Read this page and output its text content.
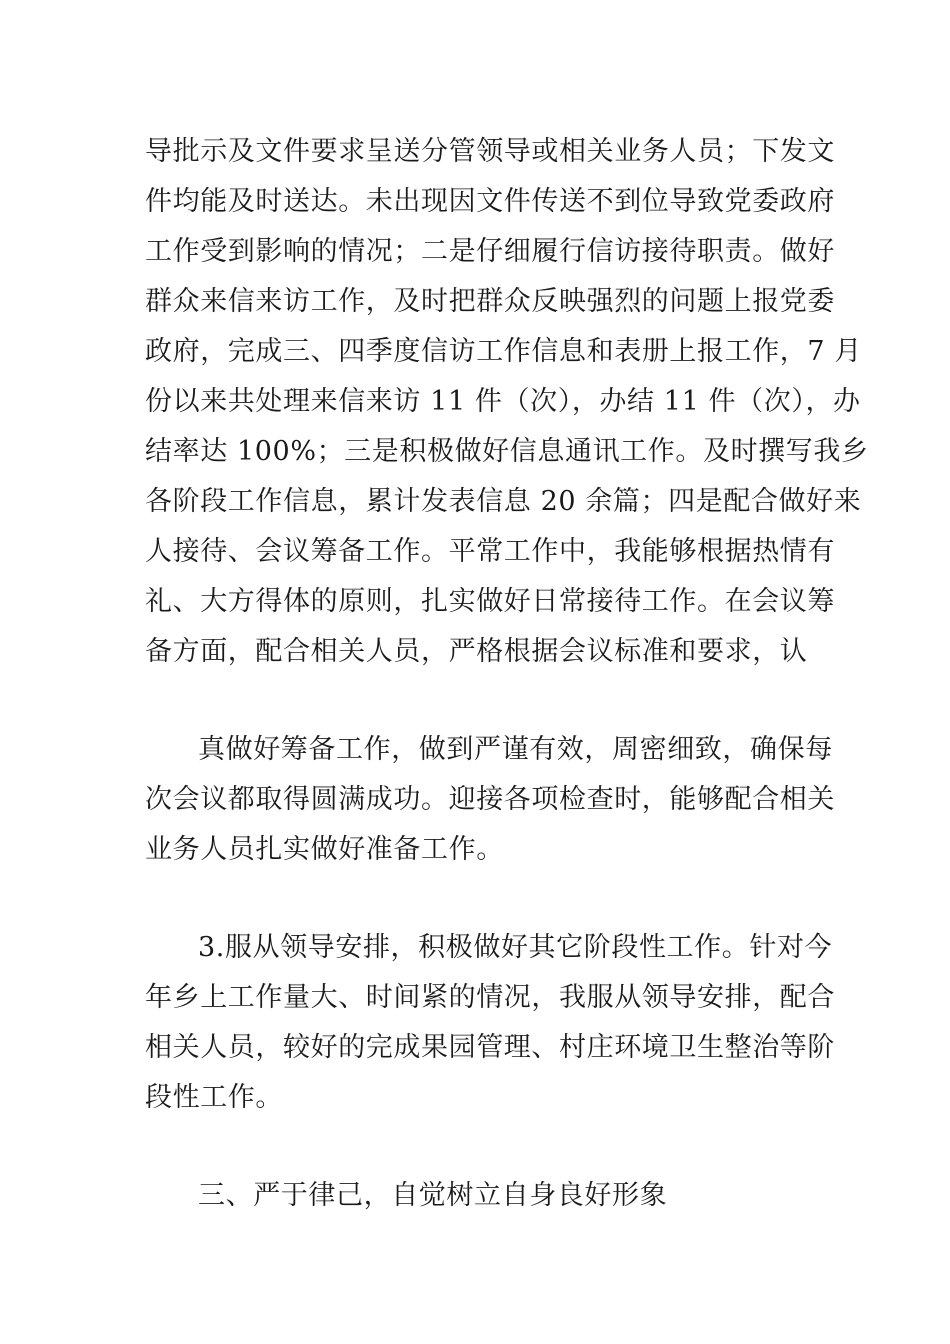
导批示及文件要求呈送分管领导或相关业务人员；下发文
件均能及时送达。未出现因文件传送不到位导致党委政府
工作受到影响的情况；二是仔细履行信访接待职责。做好
群众来信来访工作，及时把群众反映强烈的问题上报党委
政府，完成三、四季度信访工作信息和表册上报工作，7 月
份以来共处理来信来访 11 件（次），办结 11 件（次），办
结率达 100%；三是积极做好信息通讯工作。及时撰写我乡
各阶段工作信息，累计发表信息 20 余篇；四是配合做好来
人接待、会议筹备工作。平常工作中，我能够根据热情有
礼、大方得体的原则，扎实做好日常接待工作。在会议筹
备方面，配合相关人员，严格根据会议标准和要求，认
真做好筹备工作，做到严谨有效，周密细致，确保每
次会议都取得圆满成功。迎接各项检查时，能够配合相关
业务人员扎实做好准备工作。
3.服从领导安排，积极做好其它阶段性工作。针对今
年乡上工作量大、时间紧的情况，我服从领导安排，配合
相关人员，较好的完成果园管理、村庄环境卫生整治等阶
段性工作。
三、严于律己，自觉树立自身良好形象
